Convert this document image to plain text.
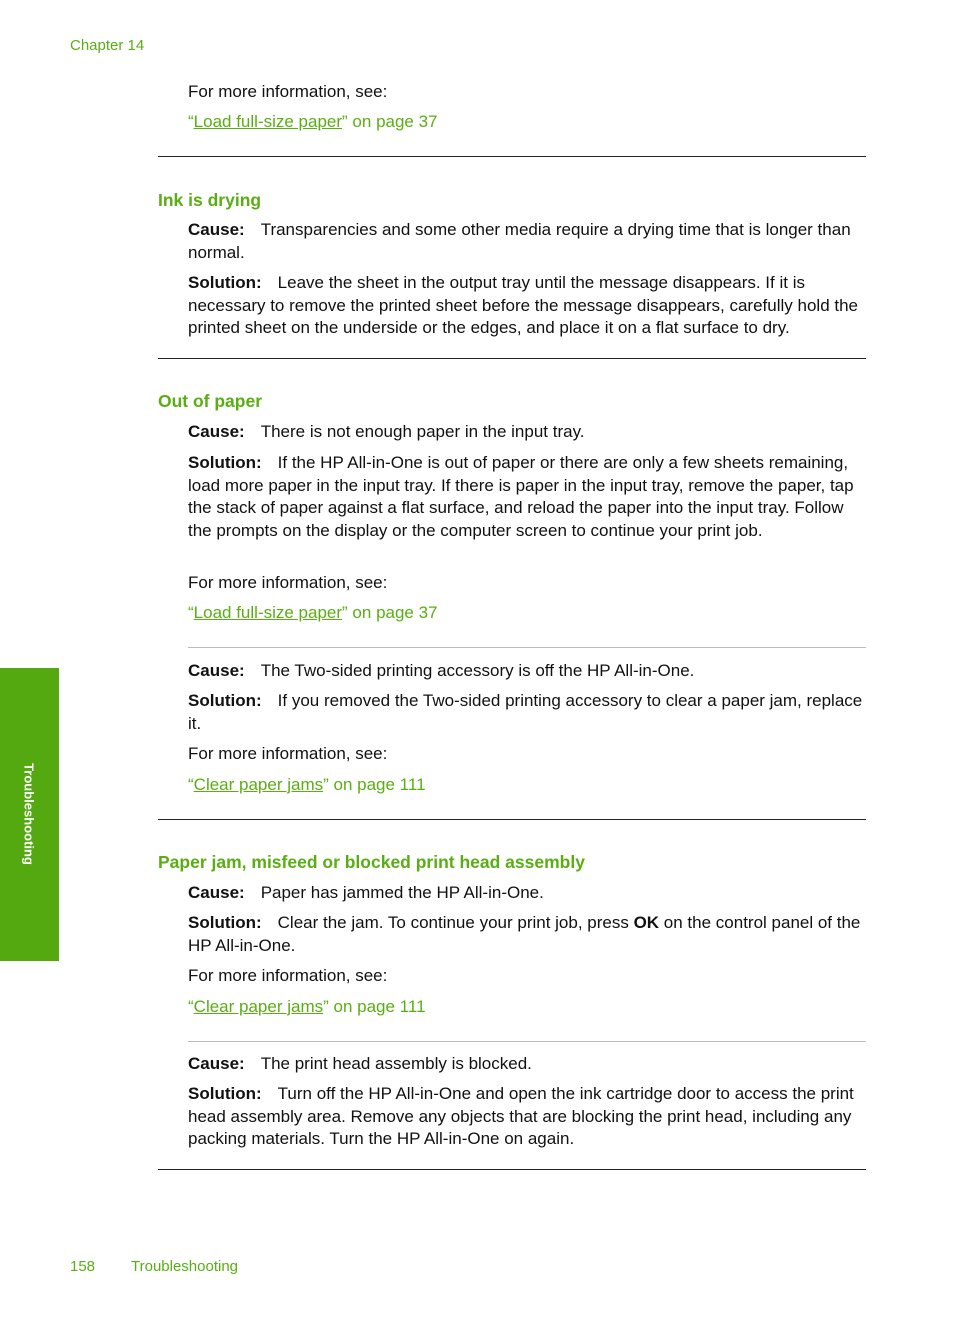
Chapter 14
Troubleshooting

For more information, see:

“Load full-size paper” on page 37

Ink is drying

Cause: Transparencies and some other media require a drying time that is longer than normal.

Solution: Leave the sheet in the output tray until the message disappears. If it is necessary to remove the printed sheet before the message disappears, carefully hold the printed sheet on the underside or the edges, and place it on a flat surface to dry.

Out of paper

Cause: There is not enough paper in the input tray.

Solution: If the HP All-in-One is out of paper or there are only a few sheets remaining, load more paper in the input tray. If there is paper in the input tray, remove the paper, tap the stack of paper against a flat surface, and reload the paper into the input tray. Follow the prompts on the display or the computer screen to continue your print job.

For more information, see:

“Load full-size paper” on page 37

Cause: The Two-sided printing accessory is off the HP All-in-One.

Solution: If you removed the Two-sided printing accessory to clear a paper jam, replace it.

For more information, see:

“Clear paper jams” on page 111

Paper jam, misfeed or blocked print head assembly

Cause: Paper has jammed the HP All-in-One.

Solution: Clear the jam. To continue your print job, press OK on the control panel of the HP All-in-One.

For more information, see:

“Clear paper jams” on page 111

Cause: The print head assembly is blocked.

Solution: Turn off the HP All-in-One and open the ink cartridge door to access the print head assembly area. Remove any objects that are blocking the print head, including any packing materials. Turn the HP All-in-One on again.

158 Troubleshooting
